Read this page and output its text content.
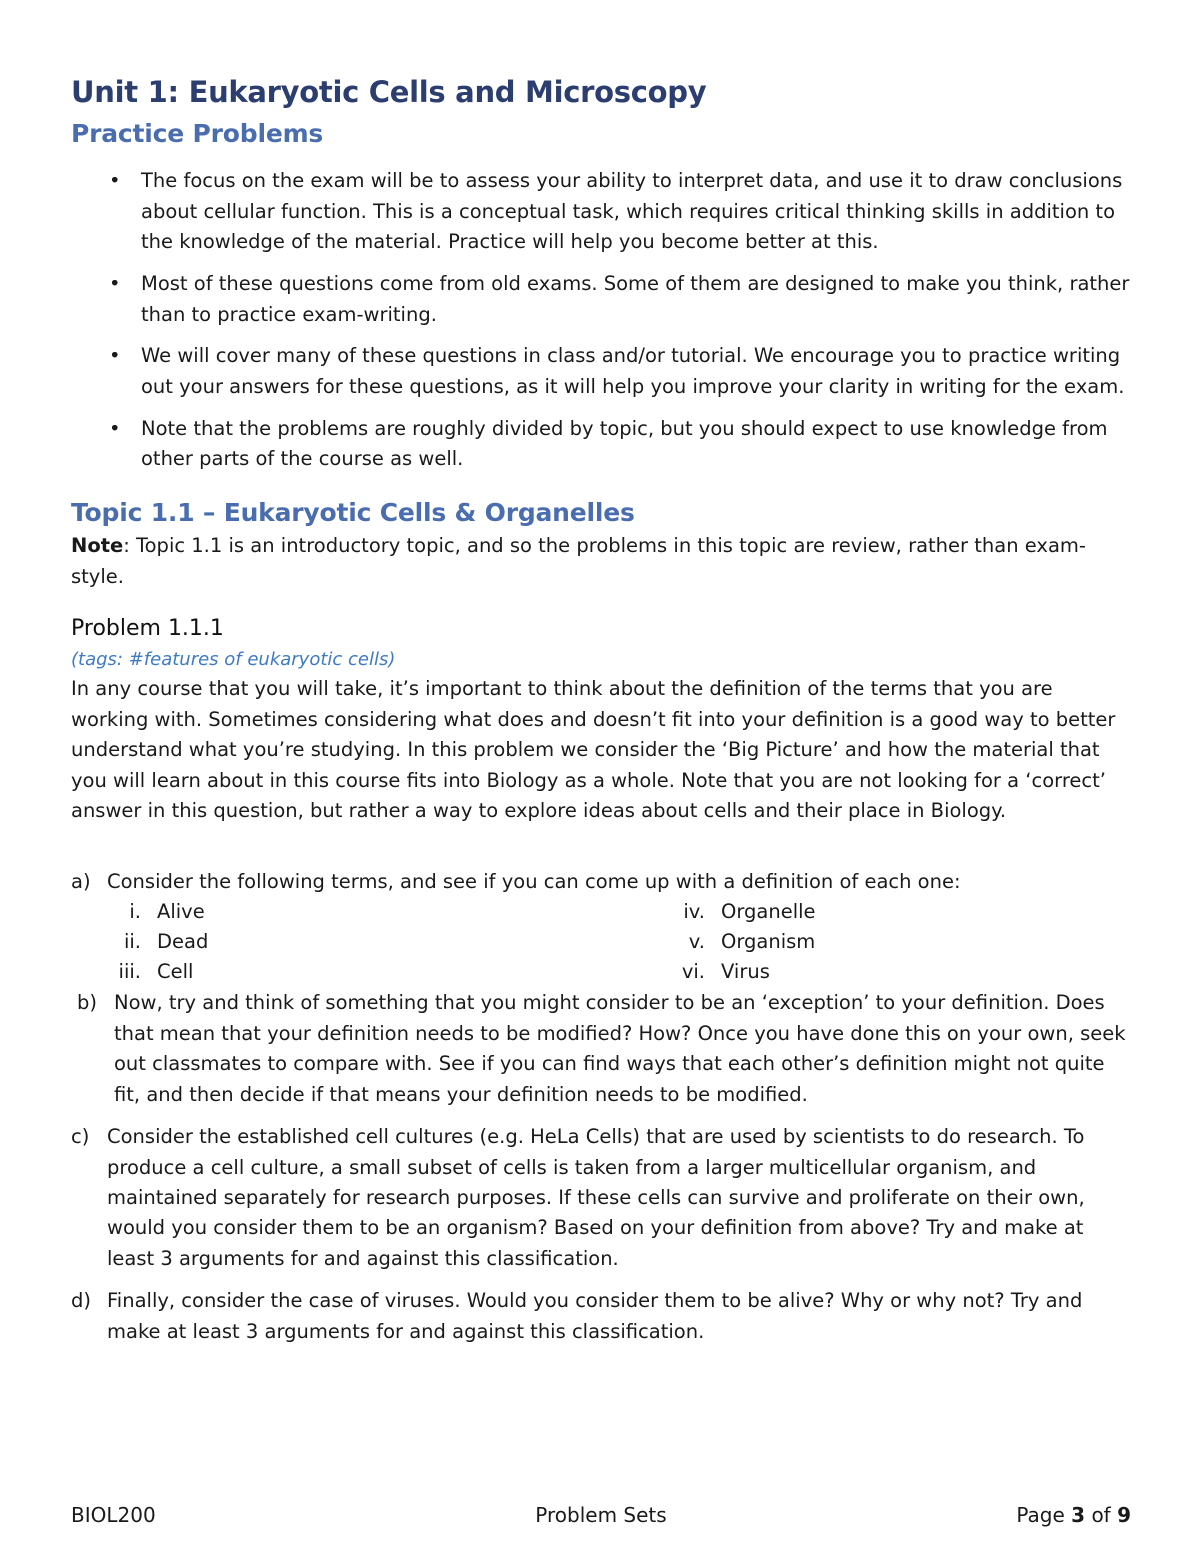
Unit 1: Eukaryotic Cells and Microscopy
Practice Problems
• The focus on the exam will be to assess your ability to interpret data, and use it to draw conclusions about cellular function. This is a conceptual task, which requires critical thinking skills in addition to the knowledge of the material. Practice will help you become better at this.
• Most of these questions come from old exams. Some of them are designed to make you think, rather than to practice exam-writing.
• We will cover many of these questions in class and/or tutorial. We encourage you to practice writing out your answers for these questions, as it will help you improve your clarity in writing for the exam.
• Note that the problems are roughly divided by topic, but you should expect to use knowledge from other parts of the course as well.
Topic 1.1 – Eukaryotic Cells & Organelles

Note: Topic 1.1 is an introductory topic, and so the problems in this topic are review, rather than exam-style.

Problem 1.1.1
(tags: #features of eukaryotic cells)

In any course that you will take, it’s important to think about the definition of the terms that you are working with. Sometimes considering what does and doesn’t fit into your definition is a good way to better understand what you’re studying. In this problem we consider the ‘Big Picture’ and how the material that you will learn about in this course fits into Biology as a whole. Note that you are not looking for a ‘correct’ answer in this question, but rather a way to explore ideas about cells and their place in Biology.

a) Consider the following terms, and see if you can come up with a definition of each one:
i. Alive
ii. Dead
iii. Cell
iv. Organelle
v. Organism
vi. Virus
b) Now, try and think of something that you might consider to be an ‘exception’ to your definition. Does that mean that your definition needs to be modified? How? Once you have done this on your own, seek out classmates to compare with. See if you can find ways that each other’s definition might not quite fit, and then decide if that means your definition needs to be modified.
c) Consider the established cell cultures (e.g. HeLa Cells) that are used by scientists to do research. To produce a cell culture, a small subset of cells is taken from a larger multicellular organism, and maintained separately for research purposes. If these cells can survive and proliferate on their own, would you consider them to be an organism? Based on your definition from above? Try and make at least 3 arguments for and against this classification.
d) Finally, consider the case of viruses. Would you consider them to be alive? Why or why not? Try and make at least 3 arguments for and against this classification.
BIOL200	Problem Sets	Page 3 of 9
